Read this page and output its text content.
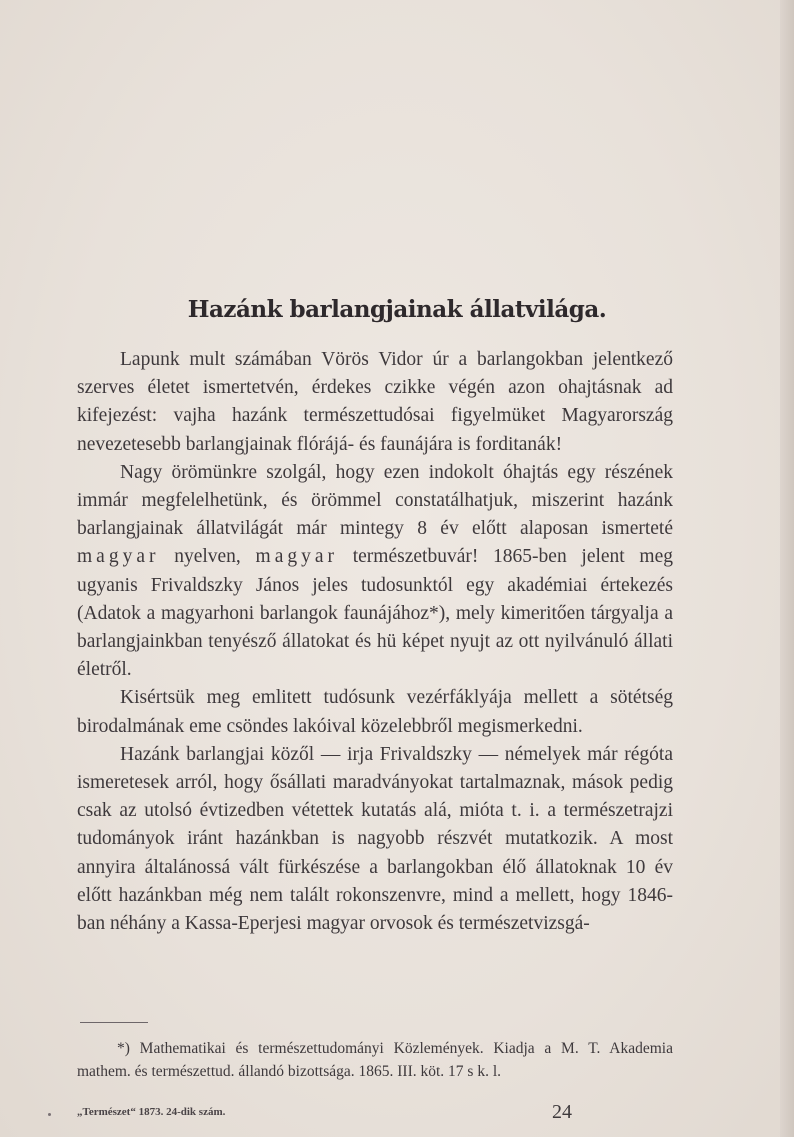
Hazánk barlangjainak állatvilága.

Lapunk mult számában Vörös Vidor úr a barlangokban jelentkező szerves életet ismertetvén, érdekes czikke végén azon ohajtásnak ad kifejezést: vajha hazánk természettudósai figyelmüket Magyarország nevezetesebb barlangjainak flórájá- és faunájára is forditanák!

Nagy örömünkre szolgál, hogy ezen indokolt óhajtás egy részének immár megfelelhetünk, és örömmel constatálhatjuk, miszerint hazánk barlangjainak állatvilágát már mintegy 8 év előtt alaposan ismerteté magyar nyelven, magyar természetbuvár! 1865-ben jelent meg ugyanis Frivaldszky János jeles tudosunktól egy akadémiai értekezés (Adatok a magyarhoni barlangok faunájához*), mely kimeritően tárgyalja a barlangjainkban tenyésző állatokat és hü képet nyujt az ott nyilvánuló állati életről.

Kisértsük meg emlitett tudósunk vezérfáklyája mellett a sötétség birodalmának eme csöndes lakóival közelebbről megismerkedni.

Hazánk barlangjai közől — irja Frivaldszky — némelyek már régóta ismeretesek arról, hogy ősállati maradványokat tartalmaznak, mások pedig csak az utolsó évtizedben vétettek kutatás alá, mióta t. i. a természetrajzi tudományok iránt hazánkban is nagyobb részvét mutatkozik. A most annyira általánossá vált fürkészése a barlangokban élő állatoknak 10 év előtt hazánkban még nem talált rokonszenvre, mind a mellett, hogy 1846-ban néhány a Kassa-Eperjesi magyar orvosok és természetvizsgá-

*) Mathematikai és természettudományi Közlemények. Kiadja a M. T. Akademia mathem. és természettud. állandó bizottsága. 1865. III. köt. 17 s k. l.

„Természet“ 1873. 24-dik szám.	24
